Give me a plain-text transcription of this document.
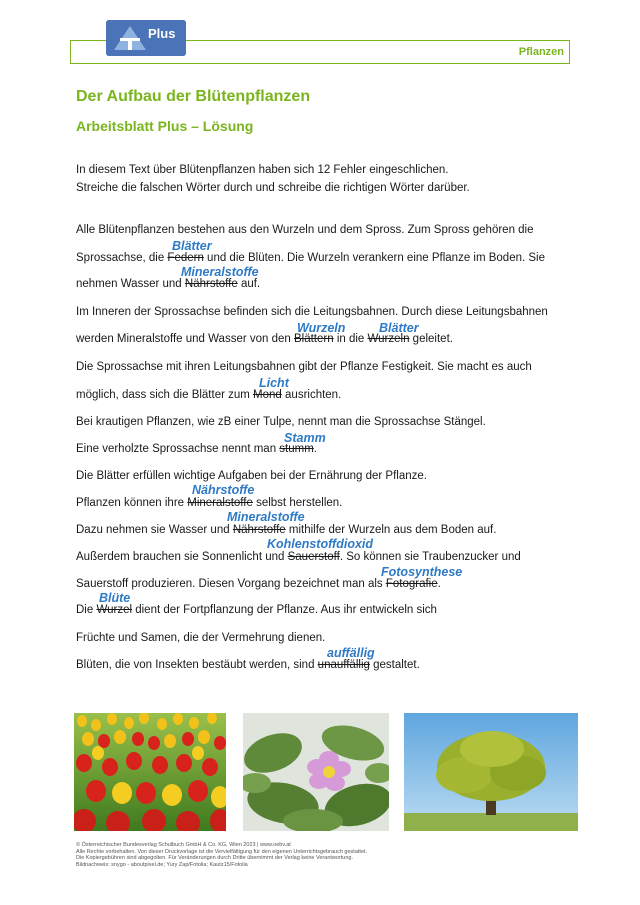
Plus
Pflanzen
Der Aufbau der Blütenpflanzen
Arbeitsblatt Plus – Lösung
In diesem Text über Blütenpflanzen haben sich 12 Fehler eingeschlichen.
Streiche die falschen Wörter durch und schreibe die richtigen Wörter darüber.
Alle Blütenpflanzen bestehen aus den Wurzeln und dem Spross. Zum Spross gehören die
Blätter
Sprossachse, die Federn und die Blüten. Die Wurzeln verankern eine Pflanze im Boden. Sie
Mineralstoffe
nehmen Wasser und Nährstoffe auf.
Im Inneren der Sprossachse befinden sich die Leitungsbahnen. Durch diese Leitungsbahnen
Wurzeln	Blätter
werden Mineralstoffe und Wasser von den Blättern in die Wurzeln geleitet.
Die Sprossachse mit ihren Leitungsbahnen gibt der Pflanze Festigkeit. Sie macht es auch
Licht
möglich, dass sich die Blätter zum Mond ausrichten.
Bei krautigen Pflanzen, wie zB einer Tulpe, nennt man die Sprossachse Stängel.
Stamm
Eine verholzte Sprossachse nennt man stumm.
Die Blätter erfüllen wichtige Aufgaben bei der Ernährung der Pflanze.
Nährstoffe
Pflanzen können ihre Mineralstoffe selbst herstellen.
Mineralstoffe
Dazu nehmen sie Wasser und Nährstoffe mithilfe der Wurzeln aus dem Boden auf.
Kohlenstoffdioxid
Außerdem brauchen sie Sonnenlicht und Sauerstoff. So können sie Traubenzucker und
Fotosynthese
Sauerstoff produzieren. Diesen Vorgang bezeichnet man als Fotografie.
Blüte
Die Wurzel dient der Fortpflanzung der Pflanze. Aus ihr entwickeln sich
Früchte und Samen, die der Vermehrung dienen.
auffällig
Blüten, die von Insekten bestäubt werden, sind unauffällig gestaltet.
© Österreichischer Bundesverlag Schulbuch GmbH & Co. KG, Wien 2023 | www.oebv.at
Alle Rechte vorbehalten. Von dieser Druckvorlage ist die Vervielfältigung für den eigenen Unterrichtsgebrauch gestattet.
Die Kopiergebühren sind abgegolten. Für Veränderungen durch Dritte übernimmt der Verlag keine Verantwortung.
Bildnachweis: snygo - aboutpixel.de; Yury Zap/Fotolia; Kautz15/Fotolia
